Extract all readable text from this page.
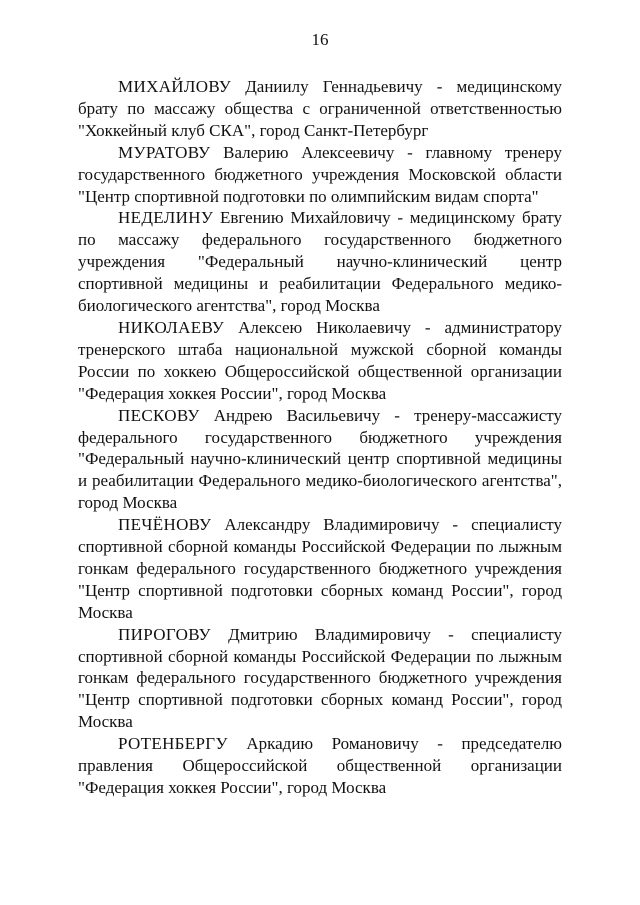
16

МИХАЙЛОВУ Даниилу Геннадьевичу - медицинскому брату по массажу общества с ограниченной ответственностью "Хоккейный клуб СКА", город Санкт-Петербург

МУРАТОВУ Валерию Алексеевичу - главному тренеру государственного бюджетного учреждения Московской области "Центр спортивной подготовки по олимпийским видам спорта"

НЕДЕЛИНУ Евгению Михайловичу - медицинскому брату по массажу федерального государственного бюджетного учреждения "Федеральный научно-клинический центр спортивной медицины и реабилитации Федерального медико-биологического агентства", город Москва

НИКОЛАЕВУ Алексею Николаевичу - администратору тренерского штаба национальной мужской сборной команды России по хоккею Общероссийской общественной организации "Федерация хоккея России", город Москва

ПЕСКОВУ Андрею Васильевичу - тренеру-массажисту федерального государственного бюджетного учреждения "Федеральный научно-клинический центр спортивной медицины и реабилитации Федерального медико-биологического агентства", город Москва

ПЕЧЁНОВУ Александру Владимировичу - специалисту спортивной сборной команды Российской Федерации по лыжным гонкам федерального государственного бюджетного учреждения "Центр спортивной подготовки сборных команд России", город Москва

ПИРОГОВУ Дмитрию Владимировичу - специалисту спортивной сборной команды Российской Федерации по лыжным гонкам федерального государственного бюджетного учреждения "Центр спортивной подготовки сборных команд России", город Москва

РОТЕНБЕРГУ Аркадию Романовичу - председателю правления Общероссийской общественной организации "Федерация хоккея России", город Москва
